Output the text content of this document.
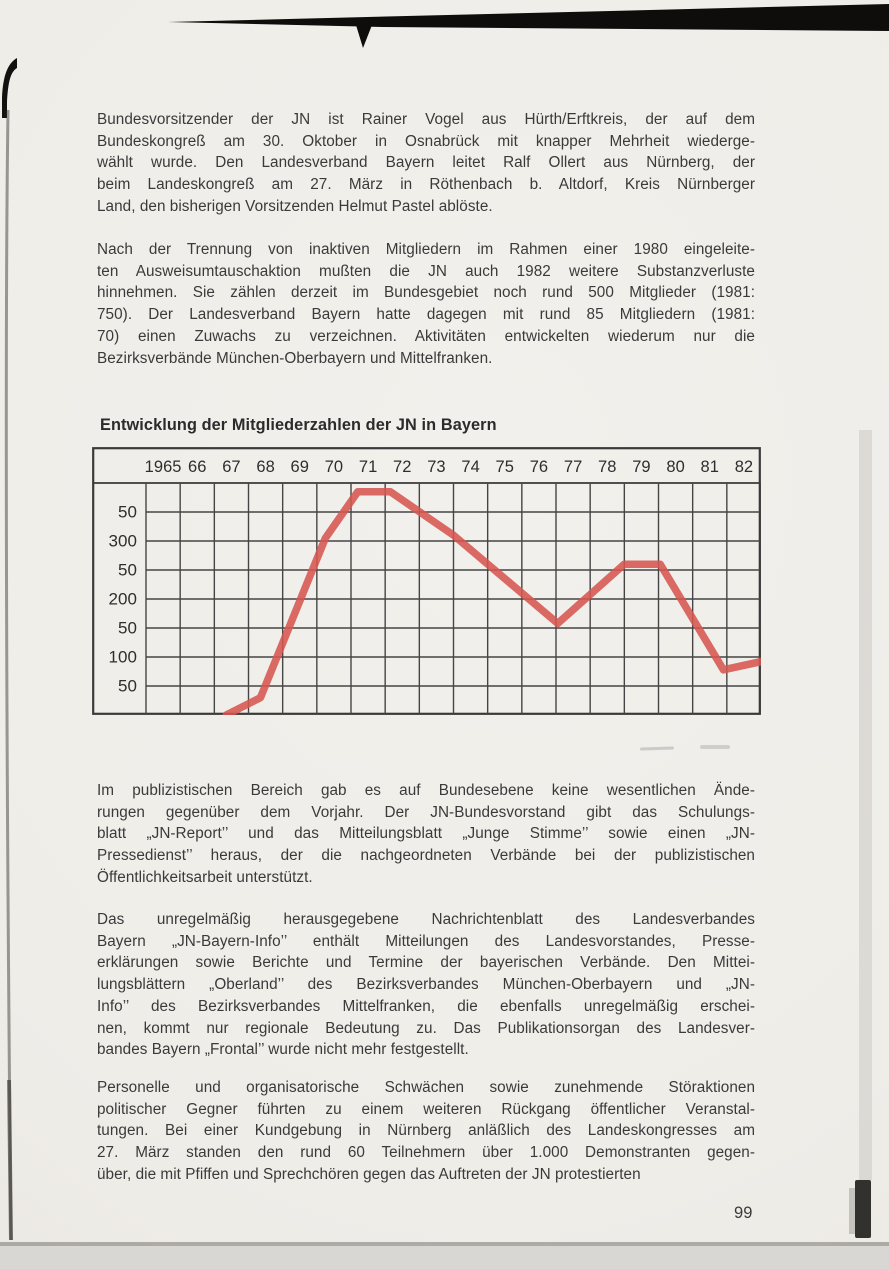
Bundesvorsitzender der JN ist Rainer Vogel aus Hürth/Erftkreis, der auf dem
Bundeskongreß am 30. Oktober in Osnabrück mit knapper Mehrheit wiederge-
wählt wurde. Den Landesverband Bayern leitet Ralf Ollert aus Nürnberg, der
beim Landeskongreß am 27. März in Röthenbach b. Altdorf, Kreis Nürnberger
Land, den bisherigen Vorsitzenden Helmut Pastel ablöste.
Nach der Trennung von inaktiven Mitgliedern im Rahmen einer 1980 eingeleite-
ten Ausweisumtauschaktion mußten die JN auch 1982 weitere Substanzverluste
hinnehmen. Sie zählen derzeit im Bundesgebiet noch rund 500 Mitglieder (1981:
750). Der Landesverband Bayern hatte dagegen mit rund 85 Mitgliedern (1981:
70) einen Zuwachs zu verzeichnen. Aktivitäten entwickelten wiederum nur die
Bezirksverbände München-Oberbayern und Mittelfranken.
Entwicklung der Mitgliederzahlen der JN in Bayern
1965 66 67 68 69 70 71 72 73 74 75 76 77 78 79 80 81 82
50
300
50
200
50
100
50
Im publizistischen Bereich gab es auf Bundesebene keine wesentlichen Ände-
rungen gegenüber dem Vorjahr. Der JN-Bundesvorstand gibt das Schulungs-
blatt „JN-Report’’ und das Mitteilungsblatt „Junge Stimme’’ sowie einen „JN-
Pressedienst’’ heraus, der die nachgeordneten Verbände bei der publizistischen
Öffentlichkeitsarbeit unterstützt.
Das unregelmäßig herausgegebene Nachrichtenblatt des Landesverbandes
Bayern „JN-Bayern-Info’’ enthält Mitteilungen des Landesvorstandes, Presse-
erklärungen sowie Berichte und Termine der bayerischen Verbände. Den Mittei-
lungsblättern „Oberland’’ des Bezirksverbandes München-Oberbayern und „JN-
Info’’ des Bezirksverbandes Mittelfranken, die ebenfalls unregelmäßig erschei-
nen, kommt nur regionale Bedeutung zu. Das Publikationsorgan des Landesver-
bandes Bayern „Frontal’’ wurde nicht mehr festgestellt.
Personelle und organisatorische Schwächen sowie zunehmende Störaktionen
politischer Gegner führten zu einem weiteren Rückgang öffentlicher Veranstal-
tungen. Bei einer Kundgebung in Nürnberg anläßlich des Landeskongresses am
27. März standen den rund 60 Teilnehmern über 1.000 Demonstranten gegen-
über, die mit Pfiffen und Sprechchören gegen das Auftreten der JN protestierten
99
